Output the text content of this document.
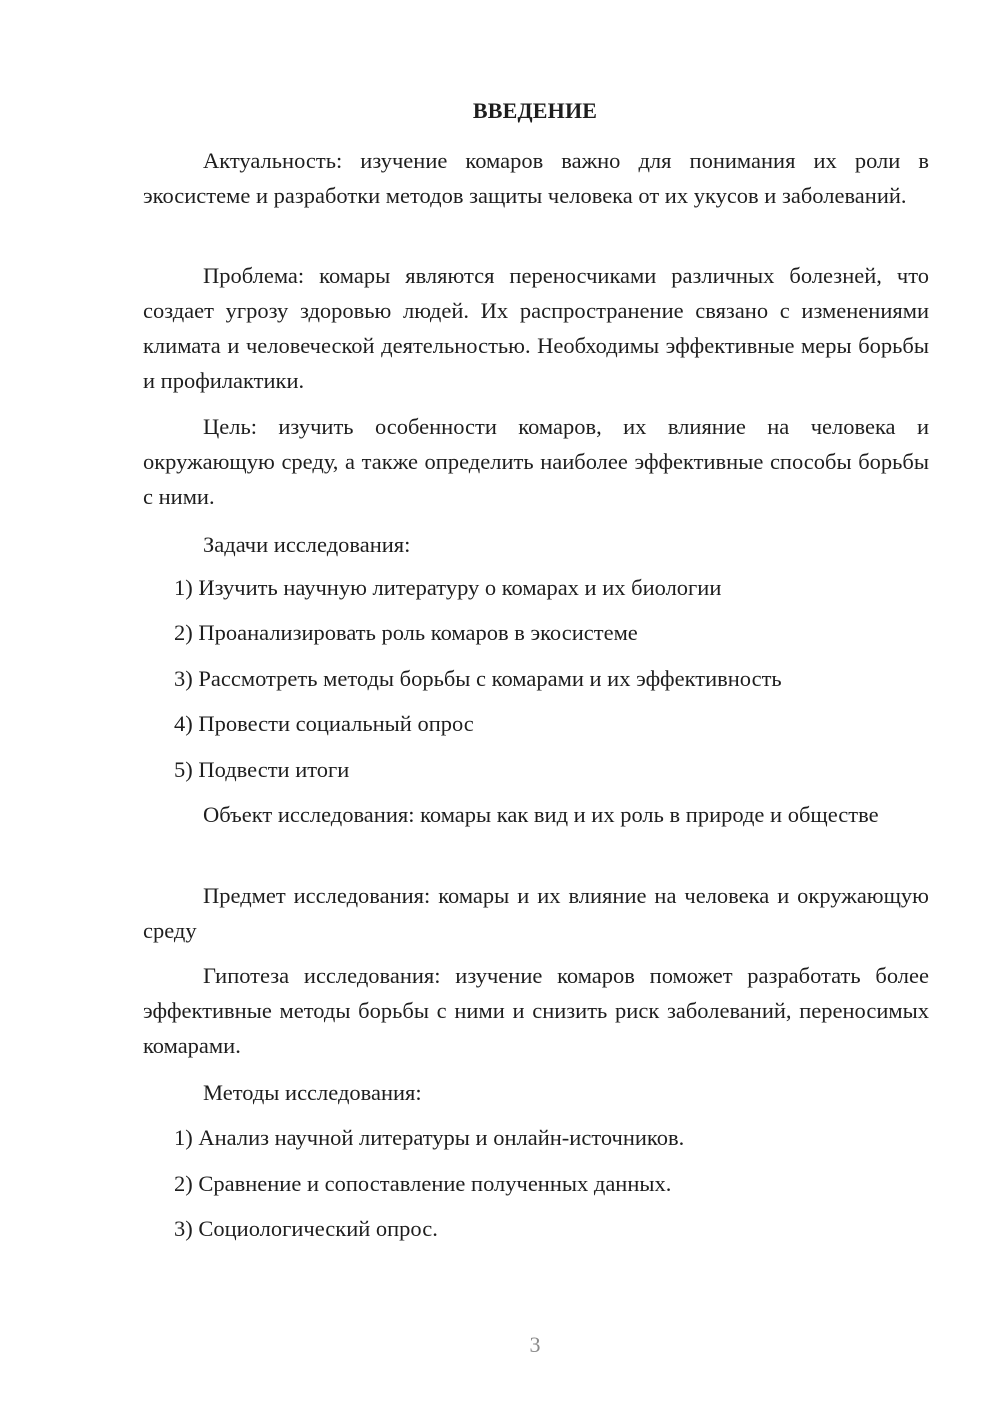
ВВЕДЕНИЕ

Актуальность: изучение комаров важно для понимания их роли в экосистеме и разработки методов защиты человека от их укусов и заболеваний.

Проблема: комары являются переносчиками различных болезней, что создает угрозу здоровью людей. Их распространение связано с изменениями климата и человеческой деятельностью. Необходимы эффективные меры борьбы и профилактики.

Цель: изучить особенности комаров, их влияние на человека и окружающую среду, а также определить наиболее эффективные способы борьбы с ними.

Задачи исследования:
1) Изучить научную литературу о комарах и их биологии
2) Проанализировать роль комаров в экосистеме
3) Рассмотреть методы борьбы с комарами и их эффективность
4) Провести социальный опрос
5) Подвести итоги

Объект исследования: комары как вид и их роль в природе и обществе

Предмет исследования: комары и их влияние на человека и окружающую среду

Гипотеза исследования: изучение комаров поможет разработать более эффективные методы борьбы с ними и снизить риск заболеваний, переносимых комарами.

Методы исследования:
1) Анализ научной литературы и онлайн-источников.
2) Сравнение и сопоставление полученных данных.
3) Социологический опрос.
3
